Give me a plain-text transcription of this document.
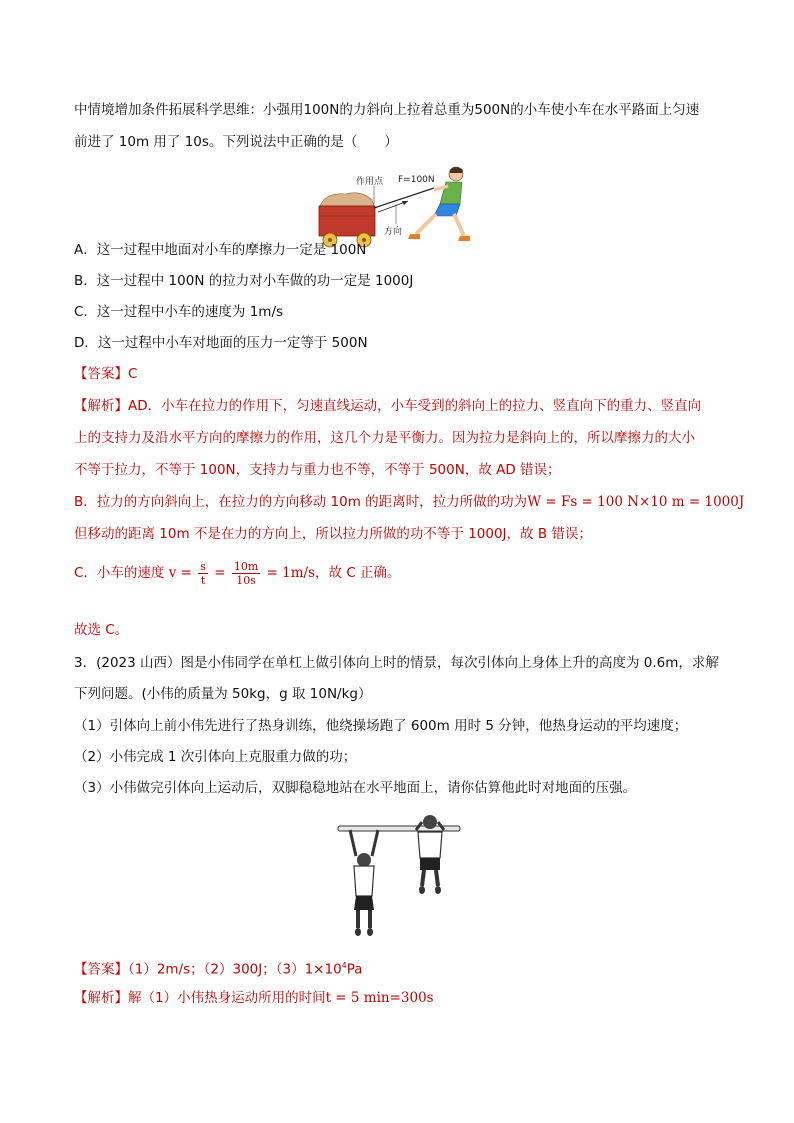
中情境增加条件拓展科学思维：小强用100N的力斜向上拉着总重为500N的小车使小车在水平路面上匀速
前进了 10m 用了 10s。下列说法中正确的是（　　）
作用点 F=100N
方向
A．这一过程中地面对小车的摩擦力一定是 100N
B．这一过程中 100N 的拉力对小车做的功一定是 1000J
C．这一过程中小车的速度为 1m/s
D．这一过程中小车对地面的压力一定等于 500N
【答案】C
【解析】AD．小车在拉力的作用下，匀速直线运动，小车受到的斜向上的拉力、竖直向下的重力、竖直向
上的支持力及沿水平方向的摩擦力的作用，这几个力是平衡力。因为拉力是斜向上的，所以摩擦力的大小
不等于拉力，不等于 100N，支持力与重力也不等，不等于 500N，故 AD 错误；
B．拉力的方向斜向上，在拉力的方向移动 10m 的距离时，拉力所做的功为W = Fs = 100 N×10 m = 1000J
但移动的距离 10m 不是在力的方向上，所以拉力所做的功不等于 1000J，故 B 错误；
C．小车的速度 $v = \frac{s}{t} = \frac{10m}{10s} = 1m/s$，故 C 正确。
故选 C。
3．(2023 山西）图是小伟同学在单杠上做引体向上时的情景，每次引体向上身体上升的高度为 0.6m，求解
下列问题。(小伟的质量为 50kg，g 取 10N/kg）
（1）引体向上前小伟先进行了热身训练，他绕操场跑了 600m 用时 5 分钟，他热身运动的平均速度；
（2）小伟完成 1 次引体向上克服重力做的功；
（3）小伟做完引体向上运动后，双脚稳稳地站在水平地面上，请你估算他此时对地面的压强。
【答案】（1）2m/s；（2）300J；$(3)1\times 10^4Pa$
【解析】解（1）小伟热身运动所用的时间t = 5 min=300s
